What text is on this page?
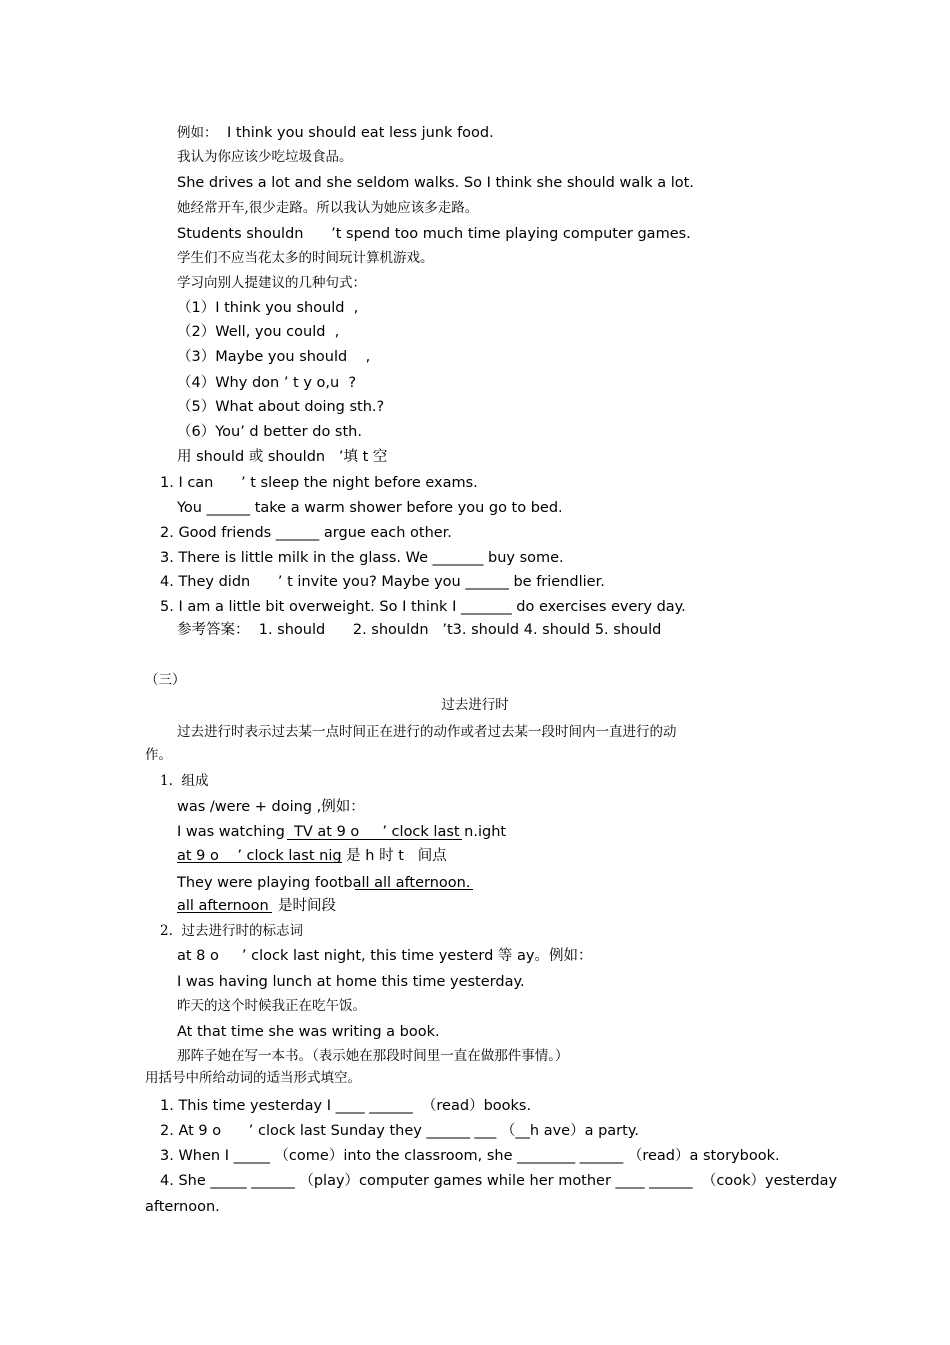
例如： I think you should eat less junk food.
我认为你应该少吃垃圾食品。
She drives a lot and she seldom walks. So I think she should walk a lot.
她经常开车,很少走路。所以我认为她应该多走路。
Students shouldn      ’t spend too much time playing computer games.
学生们不应当花太多的时间玩计算机游戏。
学习向别人提建议的几种句式：
（1）I think you should  ,
（2）Well, you could  ,
（3）Maybe you should    ,
（4）Why don ’ t y o,u  ?
（5）What about doing sth.?
（6）You’ d better do sth.
用 should 或 shouldn   ’填 t 空
1. I can      ’ t sleep the night before exams.
You ______ take a warm shower before you go to bed.
2. Good friends ______ argue each other.
3. There is little milk in the glass. We _______ buy some.
4. They didn      ’ t invite you? Maybe you ______ be friendlier.
5. I am a little bit overweight. So I think I _______ do exercises every day.
参考答案：  1. should      2. shouldn   ’t3. should 4. should 5. should
（三）
过去进行时
过去进行时表示过去某一点时间正在进行的动作或者过去某一段时间内一直进行的动
作。
1.  组成
was /were + doing ,例如：
I was watching  TV at 9 o     ’ clock last n.ight
at 9 o    ’ clock last nig 是 h 时 t   间点
They were playing football all afternoon.
all afternoon  是时间段
2.  过去进行时的标志词
at 8 o     ’ clock last night, this time yesterd 等 ay。例如：
I was having lunch at home this time yesterday.
昨天的这个时候我正在吃午饭。
At that time she was writing a book.
那阵子她在写一本书。（表示她在那段时间里一直在做那件事情。）
用括号中所给动词的适当形式填空。
1. This time yesterday I ____ ______  （read）books.
2. At 9 o      ’ clock last Sunday they ______ ___ （__h ave）a party.
3. When I _____ （come）into the classroom, she ________ ______ （read）a storybook.
4. She _____ ______ （play）computer games while her mother ____ ______  （cook）yesterday
afternoon.
